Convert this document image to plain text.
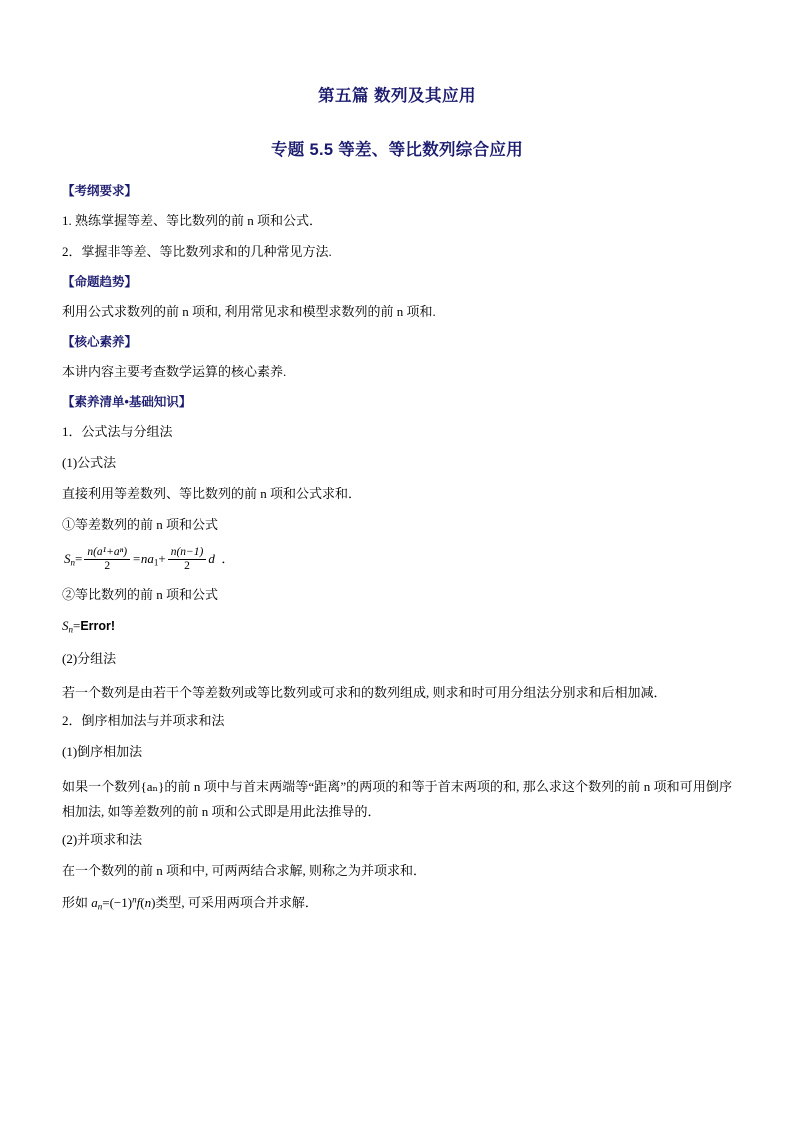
第五篇 数列及其应用
专题 5.5 等差、等比数列综合应用
【考纲要求】
1. 熟练掌握等差、等比数列的前 n 项和公式．
2．掌握非等差、等比数列求和的几种常见方法.
【命题趋势】
利用公式求数列的前 n 项和, 利用常见求和模型求数列的前 n 项和.
【核心素养】
本讲内容主要考查数学运算的核心素养.
【素养清单•基础知识】
1．公式法与分组法
(1)公式法
直接利用等差数列、等比数列的前 n 项和公式求和．
①等差数列的前 n 项和公式
$S_n= \frac{\text{n(a¹+aⁿ)}}{2} =na_1+ \frac{n(n-1)}{2}$ d ．
②等比数列的前 n 项和公式
$S_n=Error$!
(2)分组法
若一个数列是由若干个等差数列或等比数列或可求和的数列组成, 则求和时可用分组法分别求和后相加减．
2．倒序相加法与并项求和法
(1)倒序相加法
如果一个数列{aₙ}的前 n 项中与首末两端等“距离”的两项的和等于首末两项的和, 那么求这个数列的前 n 项和可用倒序相加法, 如等差数列的前 n 项和公式即是用此法推导的．
(2)并项求和法
在一个数列的前 n 项和中, 可两两结合求解, 则称之为并项求和．
形如 $a_n=(-1)^nf(n)$类型, 可采用两项合并求解．
